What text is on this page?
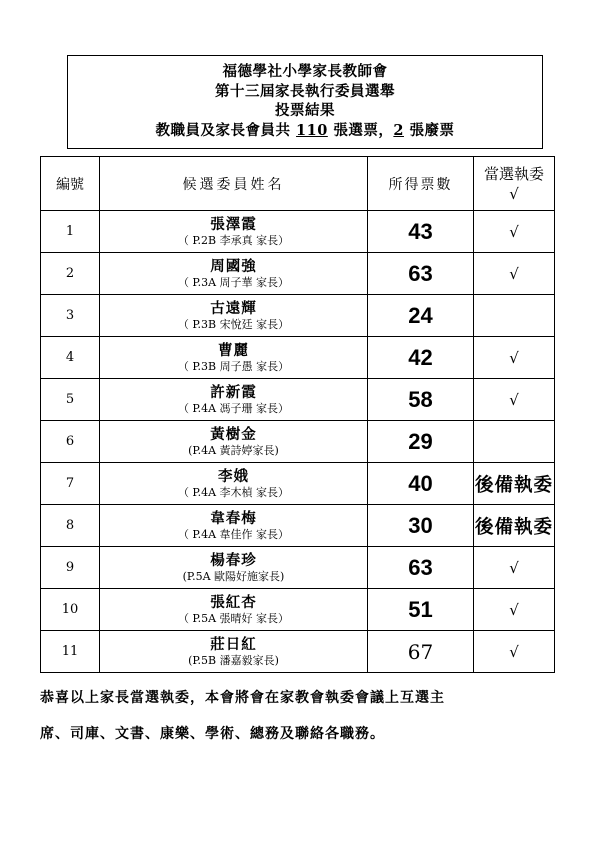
福德學社小學家長教師會
第十三屆家長執行委員選舉
投票結果
教職員及家長會員共 110 張選票，2 張廢票
編號	候選委員姓名	所得票數	當選執委
√

1	張澤霞
（ P.2B 李承真 家長）	43	√
2	周國強
（ P.3A 周子華 家長）	63	√
3	古遠輝
（ P.3B 宋悅廷 家長）	24	
4	曹麗
（ P.3B 周子愚 家長）	42	√
5	許新霞
（ P.4A 馮子珊 家長）	58	√
6	黃樹金
(P.4A 黃詩婷家長)	29	
7	李娥
（ P.4A 李木楨 家長）	40	後備執委
8	韋春梅
（ P.4A 韋佳作 家長）	30	後備執委
9	楊春珍
(P.5A 歐陽好施家長)	63	√
10	張紅杏
（ P.5A 張晴好 家長）	51	√
11	莊日紅
(P.5B 潘嘉毅家長)	67	√
恭喜以上家長當選執委，本會將會在家教會執委會議上互選主
席、司庫、文書、康樂、學術、總務及聯絡各職務。
